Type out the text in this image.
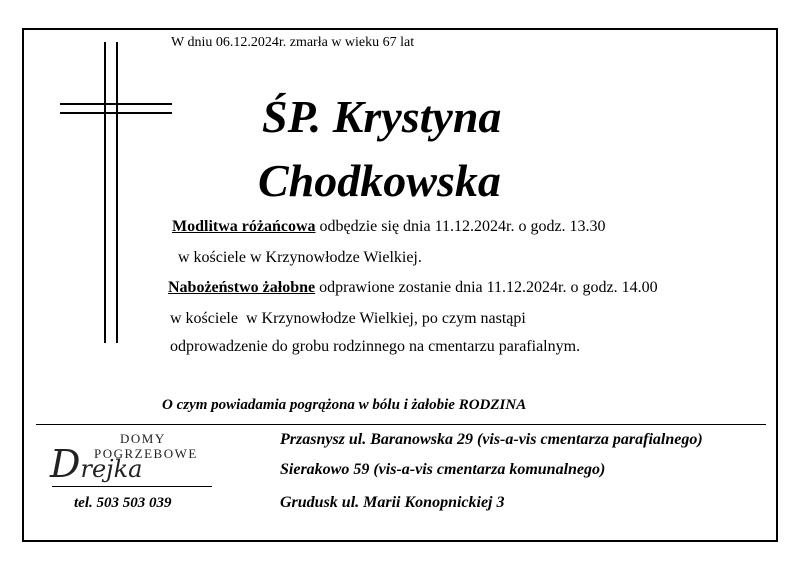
W dniu 06.12.2024r. zmarła w wieku 67 lat
ŚP. Krystyna
Chodkowska
Modlitwa różańcowa odbędzie się dnia 11.12.2024r. o godz. 13.30
w kościele w Krzynowłodze Wielkiej.
Nabożeństwo żałobne odprawione zostanie dnia 11.12.2024r. o godz. 14.00
w kościele  w Krzynowłodze Wielkiej, po czym nastąpi
odprowadzenie do grobu rodzinnego na cmentarzu parafialnym.
O czym powiadamia pogrążona w bólu i żałobie RODZINA
DOMY
POGRZEBOWE
Drejka
tel. 503 503 039
Przasnysz ul. Baranowska 29 (vis-a-vis cmentarza parafialnego)
Sierakowo 59 (vis-a-vis cmentarza komunalnego)
Grudusk ul. Marii Konopnickiej 3
